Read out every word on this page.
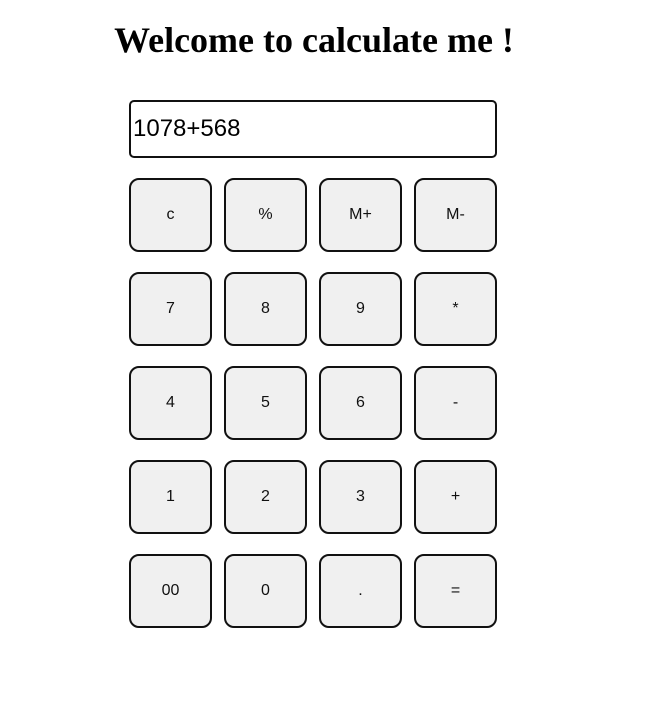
Welcome to calculate me !
1078+568
c	%	M+	M-
7	8	9	*
4	5	6	-
1	2	3	+
00	0	.	=
